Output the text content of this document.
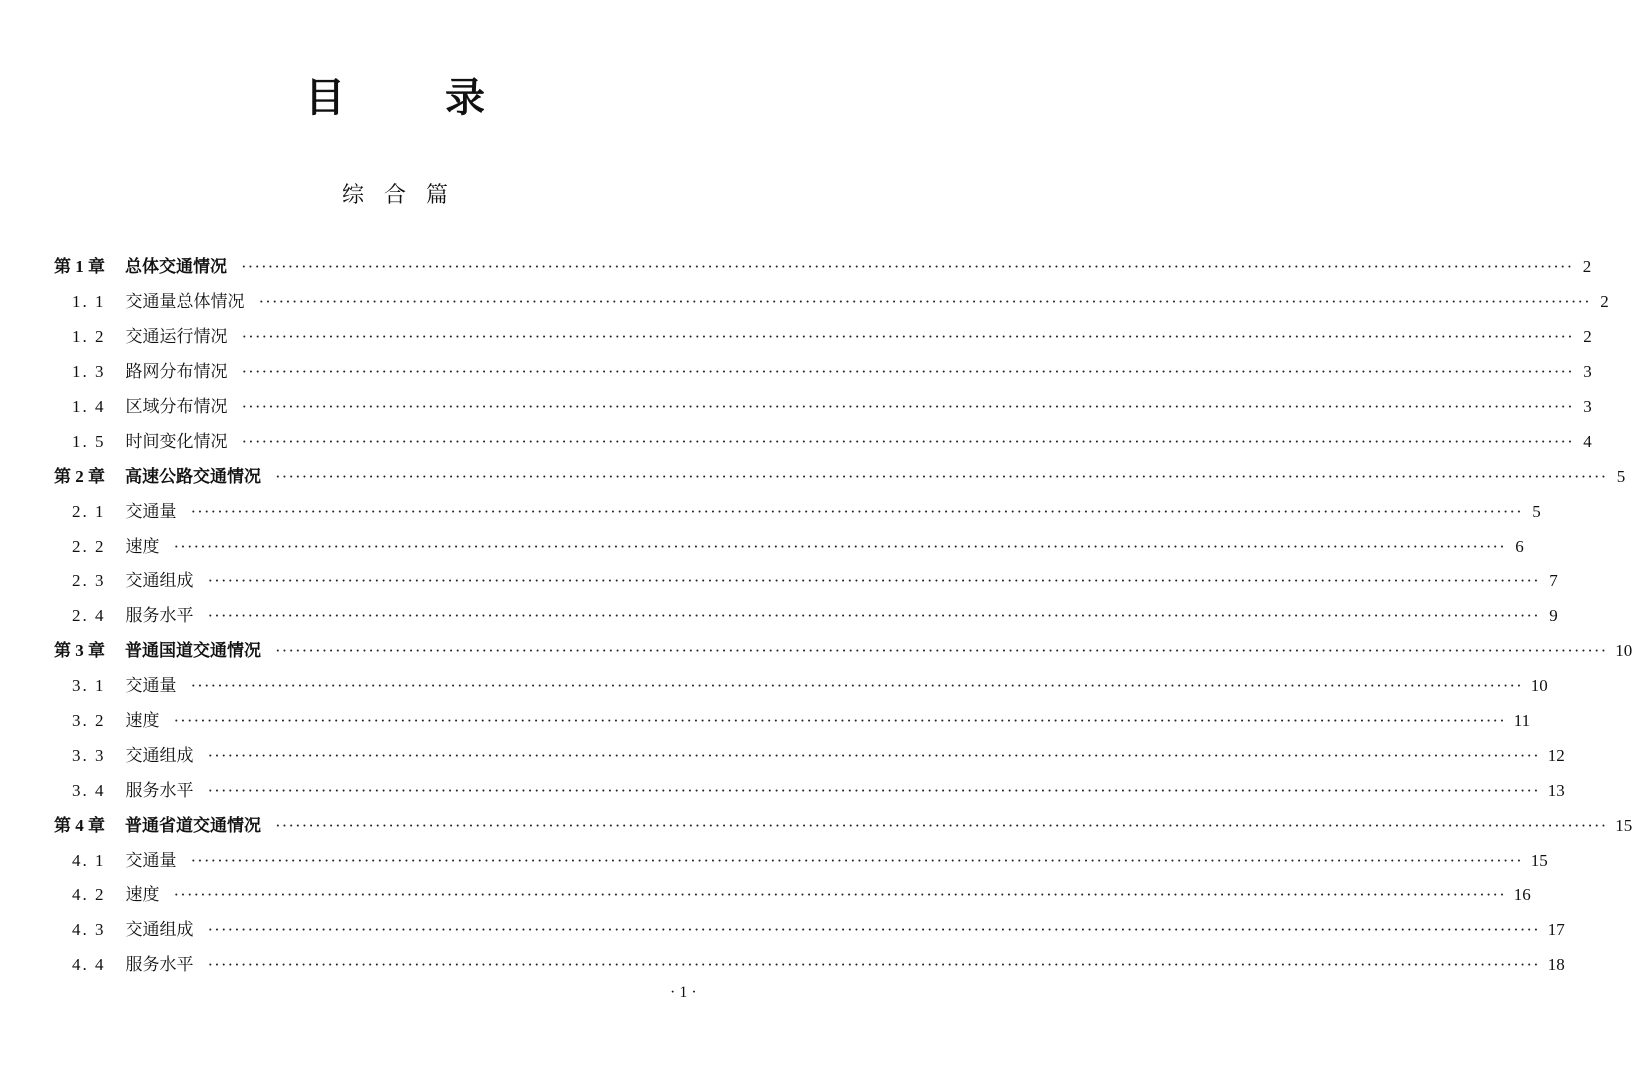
目	录
综合篇
第 1 章 总体交通情况 ········································································································································································································ 2
1. 1 交通量总体情况 ········································································································································································································ 2
1. 2 交通运行情况 ········································································································································································································ 2
1. 3 路网分布情况 ········································································································································································································ 3
1. 4 区域分布情况 ········································································································································································································ 3
1. 5 时间变化情况 ········································································································································································································ 4
第 2 章 高速公路交通情况 ········································································································································································································ 5
2. 1 交通量 ········································································································································································································ 5
2. 2 速度 ········································································································································································································ 6
2. 3 交通组成 ········································································································································································································ 7
2. 4 服务水平 ········································································································································································································ 9
第 3 章 普通国道交通情况 ········································································································································································································ 10
3. 1 交通量 ········································································································································································································ 10
3. 2 速度 ········································································································································································································ 11
3. 3 交通组成 ········································································································································································································ 12
3. 4 服务水平 ········································································································································································································ 13
第 4 章 普通省道交通情况 ········································································································································································································ 15
4. 1 交通量 ········································································································································································································ 15
4. 2 速度 ········································································································································································································ 16
4. 3 交通组成 ········································································································································································································ 17
4. 4 服务水平 ········································································································································································································ 18
· 1 ·
